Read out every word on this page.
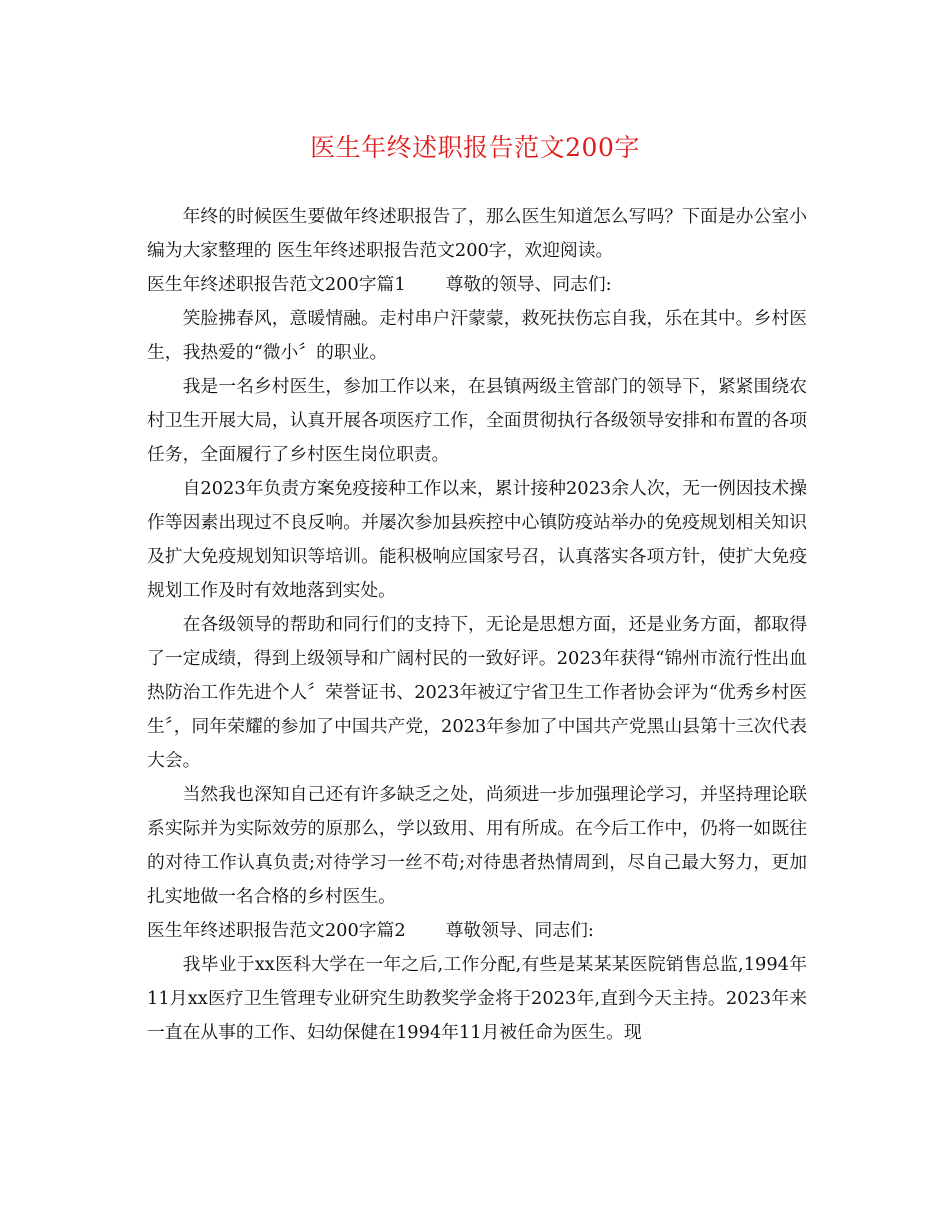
医生年终述职报告范文200字

年终的时候医生要做年终述职报告了，那么医生知道怎么写吗？下面是办公室小编为大家整理的 医生年终述职报告范文200字，欢迎阅读。

医生年终述职报告范文200字篇1 尊敬的领导、同志们:

笑脸拂春风，意暖情融。走村串户汗蒙蒙，救死扶伤忘自我，乐在其中。乡村医生，我热爱的“微小〞的职业。

我是一名乡村医生，参加工作以来，在县镇两级主管部门的领导下，紧紧围绕农村卫生开展大局，认真开展各项医疗工作，全面贯彻执行各级领导安排和布置的各项任务，全面履行了乡村医生岗位职责。

自2023年负责方案免疫接种工作以来，累计接种2023余人次，无一例因技术操作等因素出现过不良反响。并屡次参加县疾控中心镇防疫站举办的免疫规划相关知识及扩大免疫规划知识等培训。能积极响应国家号召，认真落实各项方针，使扩大免疫规划工作及时有效地落到实处。

在各级领导的帮助和同行们的支持下，无论是思想方面，还是业务方面，都取得了一定成绩，得到上级领导和广阔村民的一致好评。2023年获得“锦州市流行性出血热防治工作先进个人〞荣誉证书、2023年被辽宁省卫生工作者协会评为“优秀乡村医生〞，同年荣耀的参加了中国共产党，2023年参加了中国共产党黑山县第十三次代表大会。

当然我也深知自己还有许多缺乏之处，尚须进一步加强理论学习，并坚持理论联系实际并为实际效劳的原那么，学以致用、用有所成。在今后工作中，仍将一如既往的对待工作认真负责;对待学习一丝不苟;对待患者热情周到，尽自己最大努力，更加扎实地做一名合格的乡村医生。

医生年终述职报告范文200字篇2 尊敬领导、同志们:

我毕业于xx医科大学在一年之后,工作分配,有些是某某某医院销售总监,1994年11月xx医疗卫生管理专业研究生助教奖学金将于2023年,直到今天主持。2023年来一直在从事的工作、妇幼保健在1994年11月被任命为医生。现
